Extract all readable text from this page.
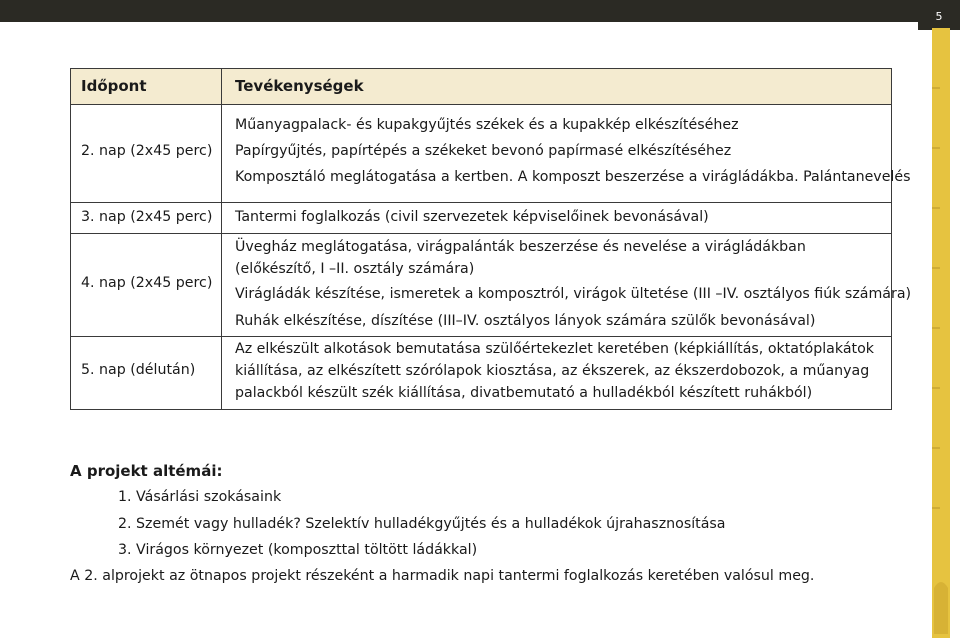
5
Időpont	Tevékenységek
2. nap (2x45 perc)
Műanyagpalack- és kupakgyűjtés székek és a kupakkép elkészítéséhez
Papírgyűjtés, papírtépés a székeket bevonó papírmasé elkészítéséhez
Komposztáló meglátogatása a kertben. A komposzt beszerzése a virágládákba. Palántanevelés
3. nap (2x45 perc) Tantermi foglalkozás (civil szervezetek képviselőinek bevonásával)
4. nap (2x45 perc)
Üvegház meglátogatása, virágpalánták beszerzése és nevelése a virágládákban
(előkészítő, I –II. osztály számára)
Virágládák készítése, ismeretek a komposztról, virágok ültetése (III –IV. osztályos fiúk számára)
Ruhák elkészítése, díszítése (III–IV. osztályos lányok számára szülők bevonásával)
5. nap (délután)
Az elkészült alkotások bemutatása szülőértekezlet keretében (képkiállítás, oktatóplakátok
kiállítása, az elkészített szórólapok kiosztása, az ékszerek, az ékszerdobozok, a műanyag
palackból készült szék kiállítása, divatbemutató a hulladékból készített ruhákból)
A projekt altémái:
1. Vásárlási szokásaink
2. Szemét vagy hulladék? Szelektív hulladékgyűjtés és a hulladékok újrahasznosítása
3. Virágos környezet (komposzttal töltött ládákkal)
A 2. alprojekt az ötnapos projekt részeként a harmadik napi tantermi foglalkozás keretében valósul meg.
